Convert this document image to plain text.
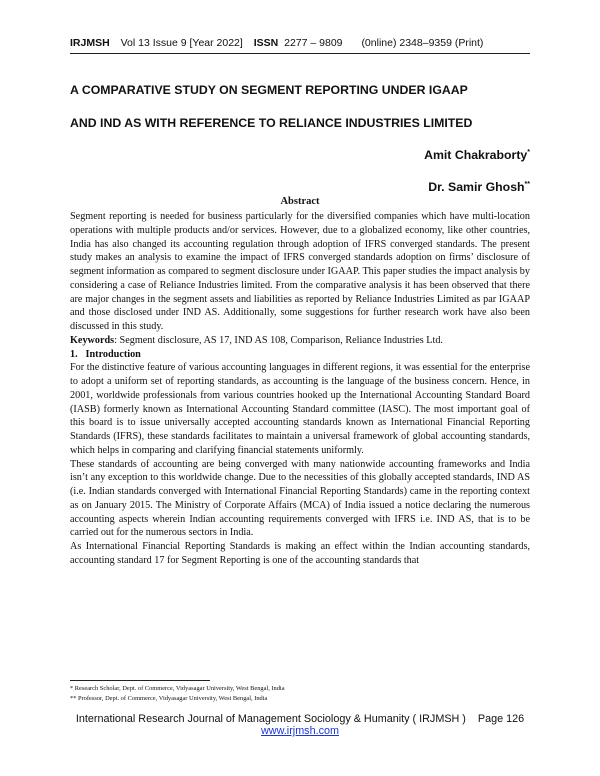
IRJMSH Vol 13 Issue 9 [Year 2022] ISSN 2277 – 9809 (0nline) 2348–9359 (Print)
A COMPARATIVE STUDY ON SEGMENT REPORTING UNDER IGAAP
AND IND AS WITH REFERENCE TO RELIANCE INDUSTRIES LIMITED
Amit Chakraborty*
Dr. Samir Ghosh**
Abstract

Segment reporting is needed for business particularly for the diversified companies which have multi-location operations with multiple products and/or services. However, due to a globalized economy, like other countries, India has also changed its accounting regulation through adoption of IFRS converged standards. The present study makes an analysis to examine the impact of IFRS converged standards adoption on firms’ disclosure of segment information as compared to segment disclosure under IGAAP. This paper studies the impact analysis by considering a case of Reliance Industries limited. From the comparative analysis it has been observed that there are major changes in the segment assets and liabilities as reported by Reliance Industries Limited as par IGAAP and those disclosed under IND AS. Additionally, some suggestions for further research work have also been discussed in this study.

Keywords: Segment disclosure, AS 17, IND AS 108, Comparison, Reliance Industries Ltd.

1. Introduction

For the distinctive feature of various accounting languages in different regions, it was essential for the enterprise to adopt a uniform set of reporting standards, as accounting is the language of the business concern. Hence, in 2001, worldwide professionals from various countries hooked up the International Accounting Standard Board (IASB) formerly known as International Accounting Standard committee (IASC). The most important goal of this board is to issue universally accepted accounting standards known as International Financial Reporting Standards (IFRS), these standards facilitates to maintain a universal framework of global accounting standards, which helps in comparing and clarifying financial statements uniformly.

These standards of accounting are being converged with many nationwide accounting frameworks and India isn’t any exception to this worldwide change. Due to the necessities of this globally accepted standards, IND AS (i.e. Indian standards converged with International Financial Reporting Standards) came in the reporting context as on January 2015. The Ministry of Corporate Affairs (MCA) of India issued a notice declaring the numerous accounting aspects wherein Indian accounting requirements converged with IFRS i.e. IND AS, that is to be carried out for the numerous sectors in India.

As International Financial Reporting Standards is making an effect within the Indian accounting standards, accounting standard 17 for Segment Reporting is one of the accounting standards that

* Research Scholar, Dept. of Commerce, Vidyasagar University, West Bengal, India
** Professor, Dept. of Commerce, Vidyasagar University, West Bengal, India
International Research Journal of Management Sociology & Humanity ( IRJMSH ) Page 126
www.irjmsh.com
